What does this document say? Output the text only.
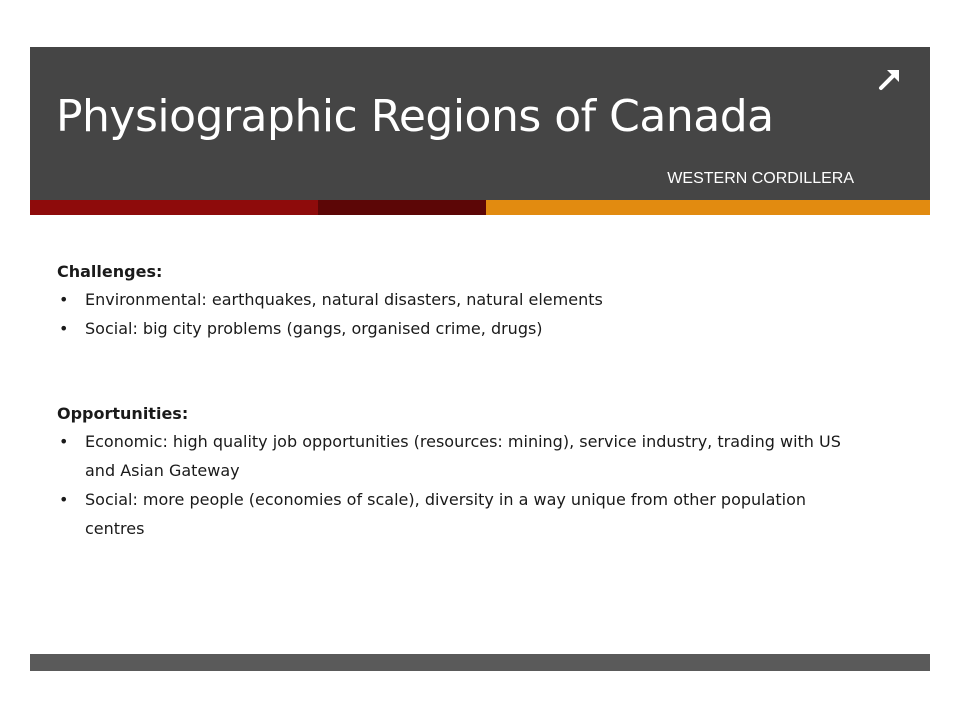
Physiographic Regions of Canada
WESTERN CORDILLERA

Challenges:

• Environmental: earthquakes, natural disasters, natural elements
• Social: big city problems (gangs, organised crime, drugs)

Opportunities:

• Economic: high quality job opportunities (resources: mining), service industry, trading with US and Asian Gateway
• Social: more people (economies of scale), diversity in a way unique from other population centres
